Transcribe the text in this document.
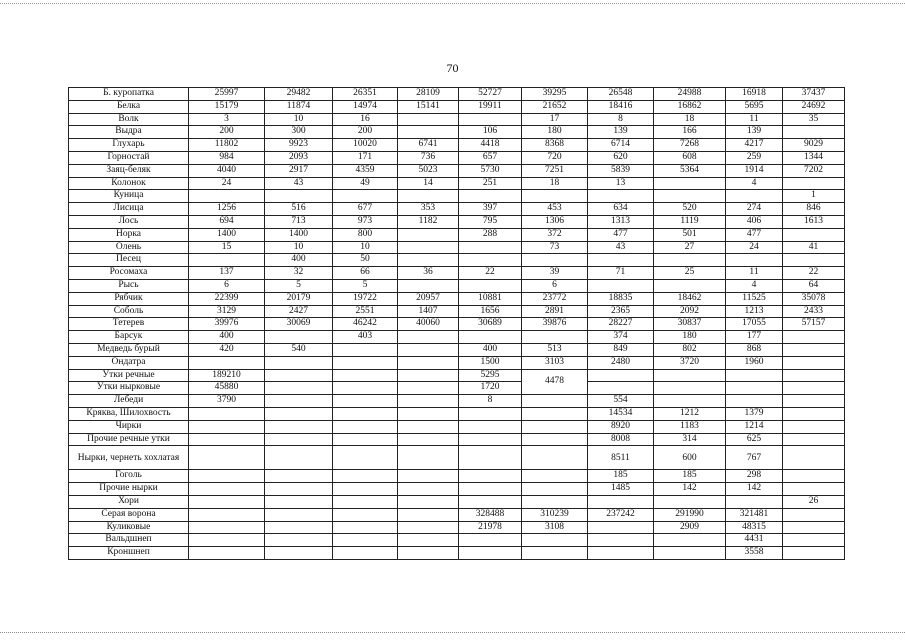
70
Б. куропатка	25997	29482	26351	28109	52727	39295	26548	24988	16918	37437
Белка	15179	11874	14974	15141	19911	21652	18416	16862	5695	24692
Волк	3	10	16			17	8	18	11	35
Выдра	200	300	200		106	180	139	166	139	
Глухарь	11802	9923	10020	6741	4418	8368	6714	7268	4217	9029
Горностай	984	2093	171	736	657	720	620	608	259	1344
Заяц-беляк	4040	2917	4359	5023	5730	7251	5839	5364	1914	7202
Колонок	24	43	49	14	251	18	13		4	
Куница										1
Лисица	1256	516	677	353	397	453	634	520	274	846
Лось	694	713	973	1182	795	1306	1313	1119	406	1613
Норка	1400	1400	800		288	372	477	501	477	
Олень	15	10	10			73	43	27	24	41
Песец		400	50							
Росомаха	137	32	66	36	22	39	71	25	11	22
Рысь	6	5	5			6			4	64
Рябчик	22399	20179	19722	20957	10881	23772	18835	18462	11525	35078
Соболь	3129	2427	2551	1407	1656	2891	2365	2092	1213	2433
Тетерев	39976	30069	46242	40060	30689	39876	28227	30837	17055	57157
Барсук	400		403				374	180	177	
Медведь бурый	420	540			400	513	849	802	868	
Ондатра					1500	3103	2480	3720	1960	
Утки речные	189210				5295	4478				
Утки нырковые	45880				1720					
Лебеди	3790				8		554			
Кряква, Шилохвость							14534	1212	1379	
Чирки							8920	1183	1214	
Прочие речные утки							8008	314	625	
Нырки, чернеть хохлатая							8511	600	767	
Гоголь							185	185	298	
Прочие нырки							1485	142	142	
Хори										26
Серая ворона					328488	310239	237242	291990	321481	
Куликовые					21978	3108		2909	48315	
Вальдшнеп									4431	
Кроншнеп									3558	
